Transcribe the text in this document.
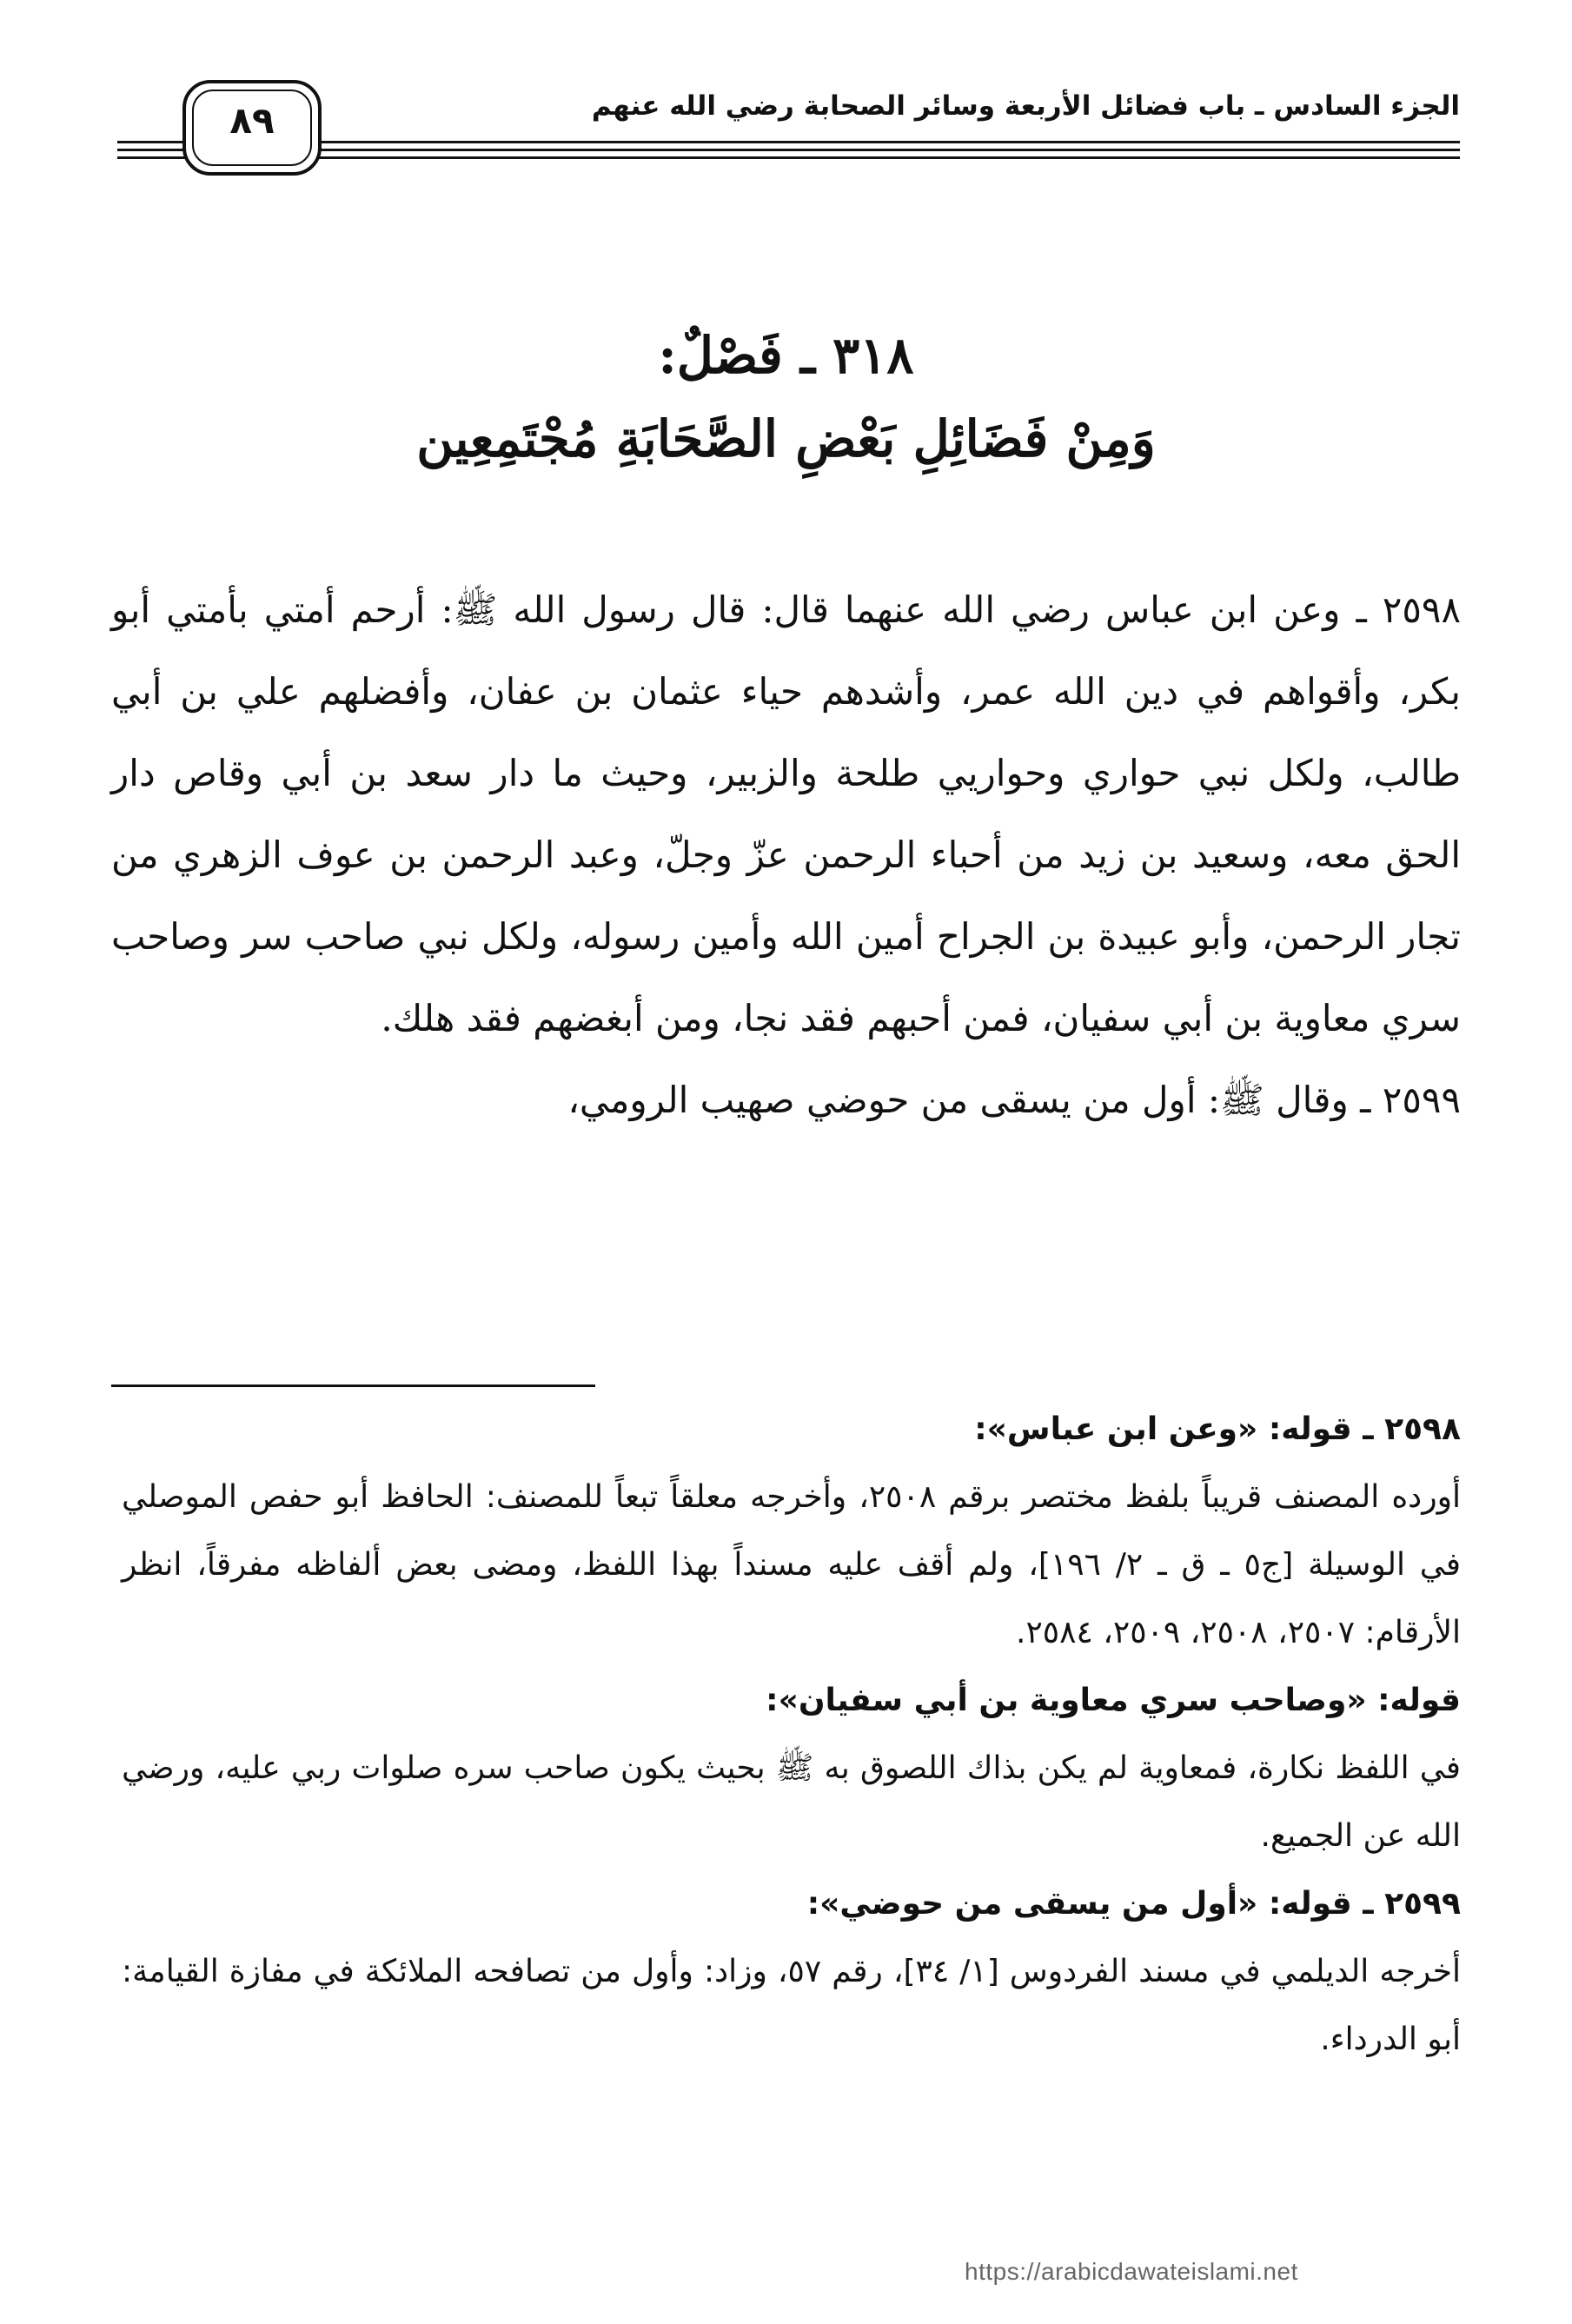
الجزء السادس ـ باب فضائل الأربعة وسائر الصحابة رضي الله عنهم
٨٩
٣١٨ ـ فَصْلٌ:
وَمِنْ فَضَائِلِ بَعْضِ الصَّحَابَةِ مُجْتَمِعِين

٢٥٩٨ ـ وعن ابن عباس رضي الله عنهما قال: قال رسول الله ﷺ: أرحم أمتي بأمتي أبو بكر، وأقواهم في دين الله عمر، وأشدهم حياء عثمان بن عفان، وأفضلهم علي بن أبي طالب، ولكل نبي حواري وحواريي طلحة والزبير، وحيث ما دار سعد بن أبي وقاص دار الحق معه، وسعيد بن زيد من أحباء الرحمن عزّ وجلّ، وعبد الرحمن بن عوف الزهري من تجار الرحمن، وأبو عبيدة بن الجراح أمين الله وأمين رسوله، ولكل نبي صاحب سر وصاحب سري معاوية بن أبي سفيان، فمن أحبهم فقد نجا، ومن أبغضهم فقد هلك.

٢٥٩٩ ـ وقال ﷺ: أول من يسقى من حوضي صهيب الرومي،

٢٥٩٨ ـ قوله: «وعن ابن عباس»:

أورده المصنف قريباً بلفظ مختصر برقم ٢٥٠٨، وأخرجه معلقاً تبعاً للمصنف: الحافظ أبو حفص الموصلي في الوسيلة [ج٥ ـ ق ـ ٢/ ١٩٦]، ولم أقف عليه مسنداً بهذا اللفظ، ومضى بعض ألفاظه مفرقاً، انظر الأرقام: ٢٥٠٧، ٢٥٠٨، ٢٥٠٩، ٢٥٨٤.

قوله: «وصاحب سري معاوية بن أبي سفيان»:

في اللفظ نكارة، فمعاوية لم يكن بذاك اللصوق به ﷺ بحيث يكون صاحب سره صلوات ربي عليه، ورضي الله عن الجميع.

٢٥٩٩ ـ قوله: «أول من يسقى من حوضي»:

أخرجه الديلمي في مسند الفردوس [١/ ٣٤]، رقم ٥٧، وزاد: وأول من تصافحه الملائكة في مفازة القيامة: أبو الدرداء.

https://arabicdawateislami.net
